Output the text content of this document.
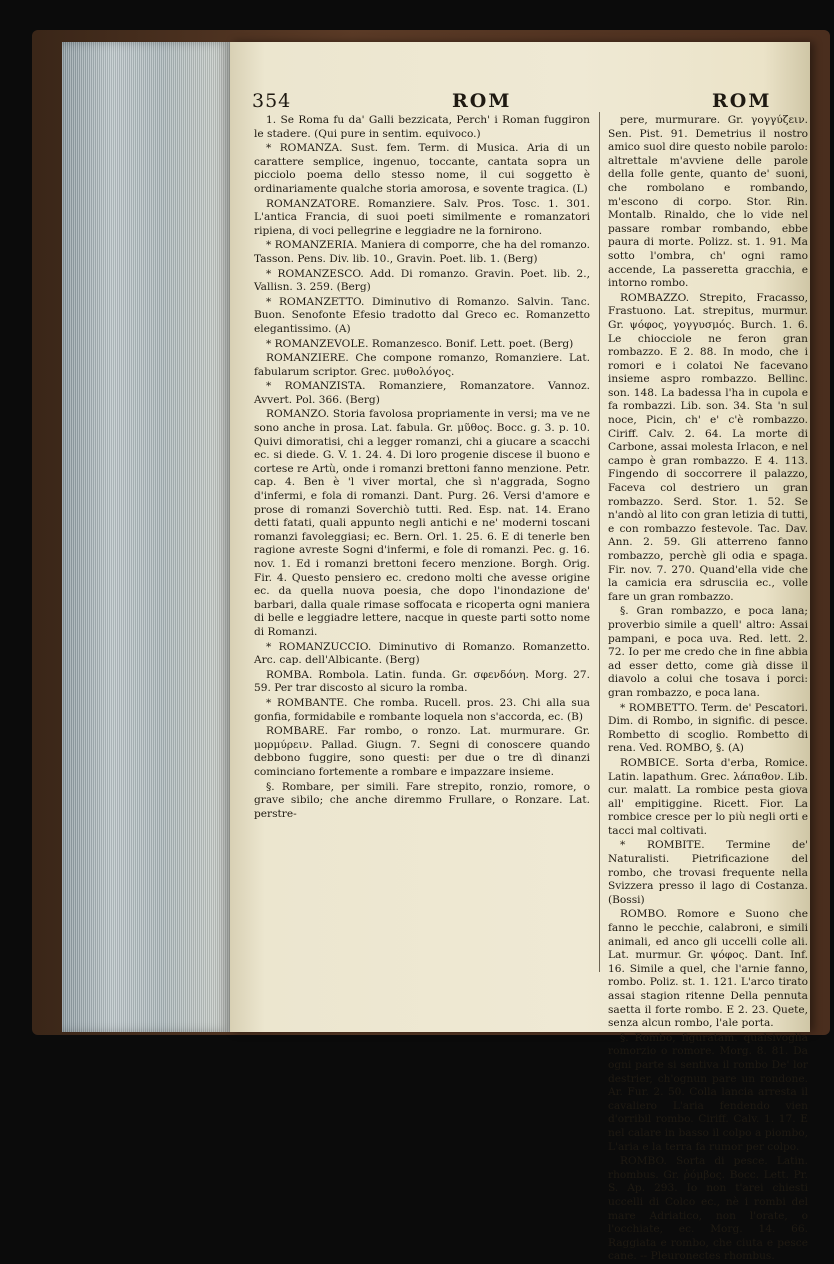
354	ROM	ROM

1. Se Roma fu da' Galli bezzicata, Perch' i Roman fuggiron le stadere. (Qui pure in sentim. equivoco.)

* ROMANZA. Sust. fem. Term. di Musica. Aria di un carattere semplice, ingenuo, toccante, cantata sopra un picciolo poema dello stesso nome, il cui soggetto è ordinariamente qualche storia amorosa, e sovente tragica. (L)

ROMANZATORE. Romanziere. Salv. Pros. Tosc. 1. 301. L'antica Francia, di suoi poeti similmente e romanzatori ripiena, di voci pellegrine e leggiadre ne la fornirono.

* ROMANZERIA. Maniera di comporre, che ha del romanzo. Tasson. Pens. Div. lib. 10., Gravin. Poet. lib. 1. (Berg)

* ROMANZESCO. Add. Di romanzo. Gravin. Poet. lib. 2., Vallisn. 3. 259. (Berg)

* ROMANZETTO. Diminutivo di Romanzo. Salvin. Tanc. Buon. Senofonte Efesio tradotto dal Greco ec. Romanzetto elegantissimo. (A)

* ROMANZEVOLE. Romanzesco. Bonif. Lett. poet. (Berg)

ROMANZIERE. Che compone romanzo, Romanziere. Lat. fabularum scriptor. Grec. μυθολόγος.

* ROMANZISTA. Romanziere, Romanzatore. Vannoz. Avvert. Pol. 366. (Berg)

ROMANZO. Storia favolosa propriamente in versi; ma ve ne sono anche in prosa. Lat. fabula. Gr. μῦθος. Bocc. g. 3. p. 10. Quivi dimoratisi, chi a legger romanzi, chi a giucare a scacchi ec. si diede. G. V. 1. 24. 4. Di loro progenie discese il buono e cortese re Artù, onde i romanzi brettoni fanno menzione. Petr. cap. 4. Ben è 'l viver mortal, che sì n'aggrada, Sogno d'infermi, e fola di romanzi. Dant. Purg. 26. Versi d'amore e prose di romanzi Soverchiò tutti. Red. Esp. nat. 14. Erano detti fatati, quali appunto negli antichi e ne' moderni toscani romanzi favoleggiasi; ec. Bern. Orl. 1. 25. 6. E di tenerle ben ragione avreste Sogni d'infermi, e fole di romanzi. Pec. g. 16. nov. 1. Ed i romanzi brettoni fecero menzione. Borgh. Orig. Fir. 4. Questo pensiero ec. credono molti che avesse origine ec. da quella nuova poesia, che dopo l'inondazione de' barbari, dalla quale rimase soffocata e ricoperta ogni maniera di belle e leggiadre lettere, nacque in queste parti sotto nome di Romanzi.

* ROMANZUCCIO. Diminutivo di Romanzo. Romanzetto. Arc. cap. dell'Albicante. (Berg)

ROMBA. Rombola. Latin. funda. Gr. σφενδόνη. Morg. 27. 59. Per trar discosto al sicuro la romba.

* ROMBANTE. Che romba. Rucell. pros. 23. Chi alla sua gonfia, formidabile e rombante loquela non s'accorda, ec. (B)

ROMBARE. Far rombo, o ronzo. Lat. murmurare. Gr. μορμύρειν. Pallad. Giugn. 7. Segni di conoscere quando debbono fuggire, sono questi: per due o tre dì dinanzi cominciano fortemente a rombare e impazzare insieme.

§. Rombare, per simili. Fare strepito, ronzio, romore, o grave sibilo; che anche diremmo Frullare, o Ronzare. Lat. perstre-

pere, murmurare. Gr. γογγύζειν. Sen. Pist. 91. Demetrius il nostro amico suol dire questo nobile parolo: altrettale m'avviene delle parole della folle gente, quanto de' suoni, che rombolano e rombando, m'escono di corpo. Stor. Rin. Montalb. Rinaldo, che lo vide nel passare rombar rombando, ebbe paura di morte. Polizz. st. 1. 91. Ma sotto l'ombra, ch' ogni ramo accende, La passeretta gracchia, e intorno rombo.

ROMBAZZO. Strepito, Fracasso, Frastuono. Lat. strepitus, murmur. Gr. ψόφος, γογγυσμός. Burch. 1. 6. Le chiocciole ne feron gran rombazzo. E 2. 88. In modo, che i romori e i colatoi Ne facevano insieme aspro rombazzo. Bellinc. son. 148. La badessa l'ha in cupola e fa rombazzi. Lib. son. 34. Sta 'n sul noce, Picin, ch' e' c'è rombazzo. Ciriff. Calv. 2. 64. La morte di Carbone, assai molesta Irlacon, e nel campo è gran rombazzo. E 4. 113. Fingendo di soccorrere il palazzo, Faceva col destriero un gran rombazzo. Serd. Stor. 1. 52. Se n'andò al lito con gran letizia di tutti, e con rombazzo festevole. Tac. Dav. Ann. 2. 59. Gli atterreno fanno rombazzo, perchè gli odia e spaga. Fir. nov. 7. 270. Quand'ella vide che la camicia era sdrusciia ec., volle fare un gran rombazzo.

§. Gran rombazzo, e poca lana; proverbio simile a quell' altro: Assai pampani, e poca uva. Red. lett. 2. 72. Io per me credo che in fine abbia ad esser detto, come già disse il diavolo a colui che tosava i porci: gran rombazzo, e poca lana.

* ROMBETTO. Term. de' Pescatori. Dim. di Rombo, in signific. di pesce. Rombetto di scoglio. Rombetto di rena. Ved. ROMBO, §. (A)

ROMBICE. Sorta d'erba, Romice. Latin. lapathum. Grec. λάπαθον. Lib. cur. malatt. La rombice pesta giova all' empitiggine. Ricett. Fior. La rombice cresce per lo più negli orti e tacci mal coltivati.

* ROMBITE. Termine de' Naturalisti. Pietrificazione del rombo, che trovasi frequente nella Svizzera presso il lago di Costanza. (Bossi)

ROMBO. Romore e Suono che fanno le pecchie, calabroni, e simili animali, ed anco gli uccelli colle ali. Lat. murmur. Gr. ψόφος. Dant. Inf. 16. Simile a quel, che l'arnie fanno, rombo. Poliz. st. 1. 121. L'arco tirato assai stagion ritenne Della pennuta saetta il forte rombo. E 2. 23. Quete, senza alcun rombo, l'ale porta.

§. Rombo, figuratam. qualsivoglia romorzio o romore. Morg. 8. 81. Da ogni parte si sentiva il rombo De' lor destrier, ch'ognun pare un rondone. Ar. Fur. 2. 50. Colla lancia arresta il cavaliero L'aria fendendo vien d'orribil rombo. Ciriff. Calv. 1. 17. E nel calare in basso il colpo a piombo, L'aria e la terra fa rumor per colpo.

ROMBO. Sorta di pesce. Latin. rhombus. Gr. ῥόμβος. Bocc. Lett. Pr. S. Ap. 293. Io non t'arei chiesti uccelli di Colco ec., nè i rombi del mare Adriatico, non l'orate, o l'occhiate, ec. Morg. 14. 66. Raggiata e rombo, che ciuta e pesce cane. -- Pleuronectes rhombus.
